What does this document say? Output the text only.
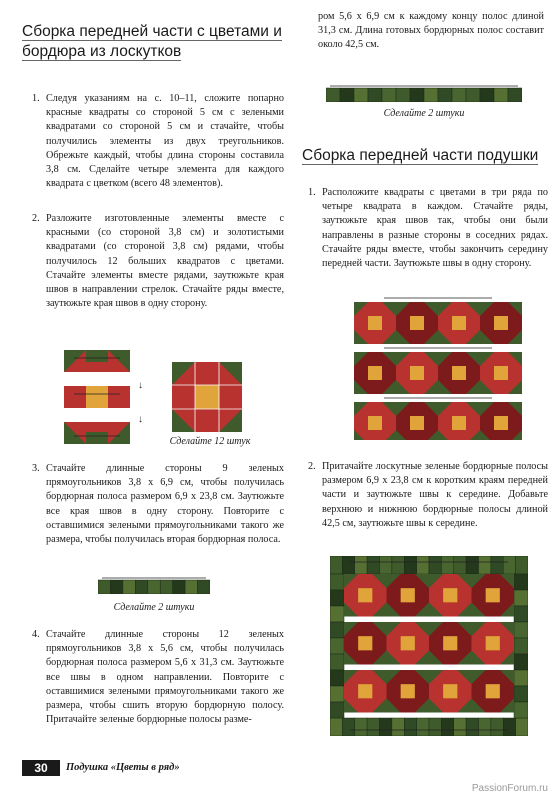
Сборка передней части с цветами и бордюра из лоскутков
1. Следуя указаниям на с. 10–11, сложите попарно красные квадраты со стороной 5 см с зелеными квадратами со стороной 5 см и стачайте, чтобы получились элементы из двух треугольников. Обрежьте каждый, чтобы длина стороны составила 3,8 см. Сделайте четыре элемента для каждого квадрата с цветком (всего 48 элементов).
2. Разложите изготовленные элементы вместе с красными (со стороной 3,8 см) и золотистыми квадратами (со стороной 3,8 см) рядами, чтобы получилось 12 больших квадратов с цветами. Стачайте элементы вместе рядами, заутюжьте края швов в направлении стрелок. Стачайте ряды вместе, заутюжьте края швов в одну сторону.
↓
↓
Сделайте 12 штук
3. Стачайте длинные стороны 9 зеленых прямоугольников 3,8 x 6,9 см, чтобы получилась бордюрная полоса размером 6,9 x 23,8 см. Заутюжьте все края швов в одну сторону. Повторите с оставшимися зелеными прямоугольниками такого же размера, чтобы получилась вторая бордюрная полоса.
Сделайте 2 штуки
4. Стачайте длинные стороны 12 зеленых прямоугольников 3,8 x 5,6 см, чтобы получилась бордюрная полоса размером 5,6 x 31,3 см. Заутюжьте все швы в одном направлении. Повторите с оставшимися зелеными прямоугольниками такого же размера, чтобы сшить вторую бордюрную полосу. Притачайте зеленые бордюрные полосы разме-
ром 5,6 x 6,9 см к каждому концу полос длиной 31,3 см. Длина готовых бордюрных полос составит около 42,5 см.
Сделайте 2 штуки
Сборка передней части подушки
1. Расположите квадраты с цветами в три ряда по четыре квадрата в каждом. Стачайте ряды, заутюжьте края швов так, чтобы они были направлены в разные стороны в соседних рядах. Стачайте ряды вместе, чтобы закончить середину передней части. Заутюжьте швы в одну сторону.
2. Притачайте лоскутные зеленые бордюрные полосы размером 6,9 x 23,8 см к коротким краям передней части и заутюжьте швы к середине. Добавьте верхнюю и нижнюю бордюрные полосы длиной 42,5 см, заутюжьте швы к середине.
30	Подушка «Цветы в ряд»
PassionForum.ru
